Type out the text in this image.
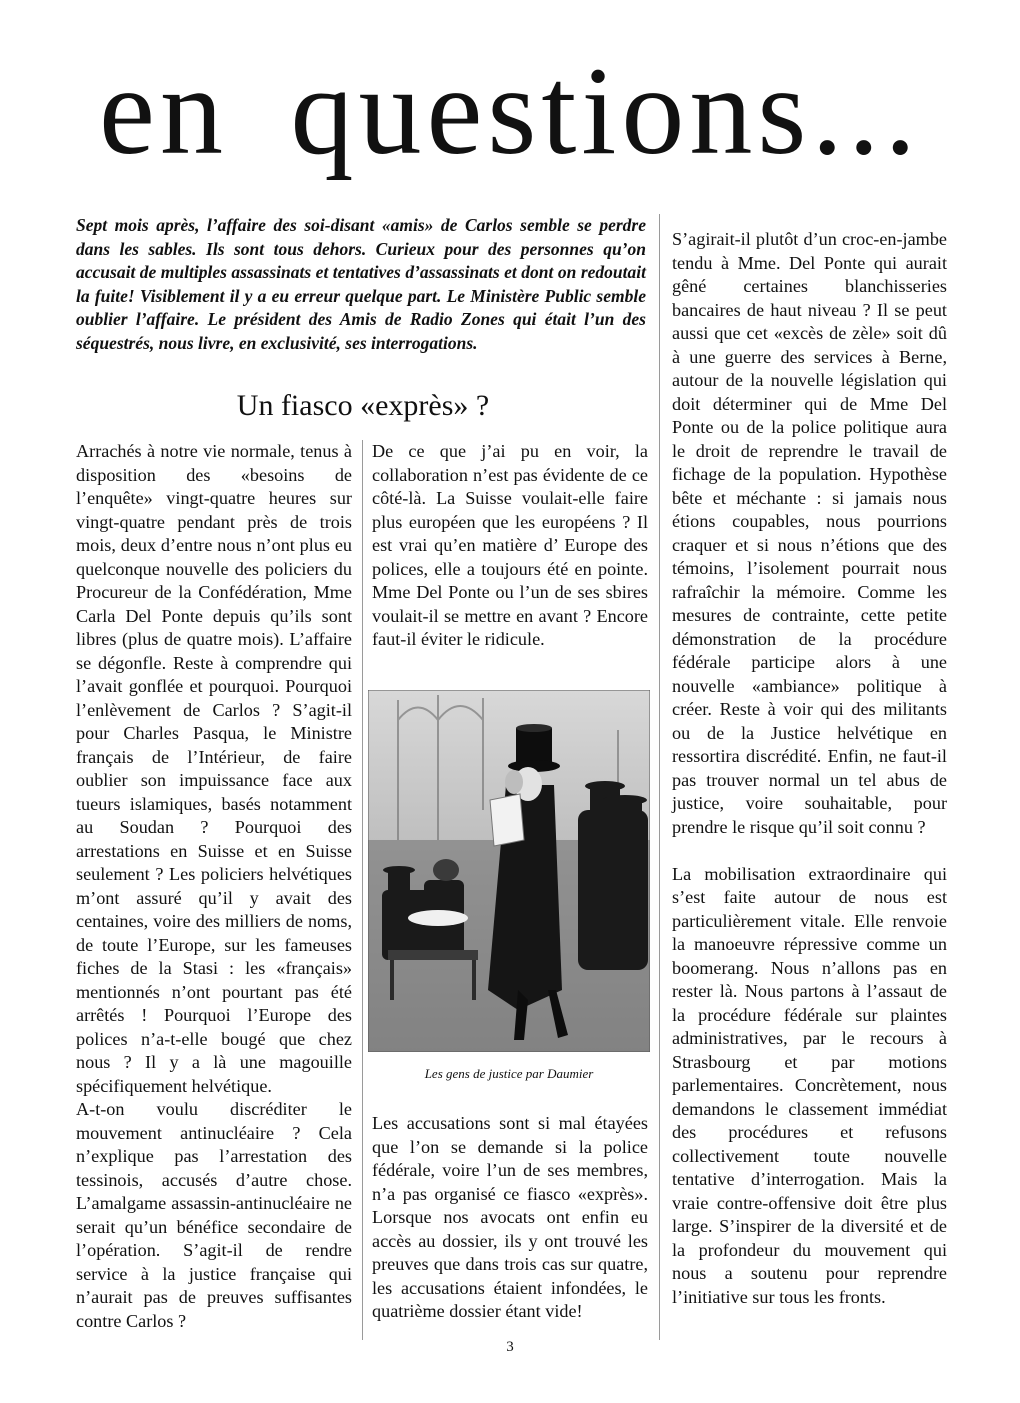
en questions...

Sept mois après, l’affaire des soi-disant «amis» de Carlos semble se perdre dans les sables. Ils sont tous dehors. Curieux pour des personnes qu’on accusait de multiples assassinats et tentatives d’assassinats et dont on redoutait la fuite! Visiblement il y a eu erreur quelque part. Le Ministère Public semble oublier l’affaire. Le président des Amis de Radio Zones qui était l’un des séquestrés, nous livre, en exclusivité, ses interrogations.

Un fiasco «exprès» ?

Arrachés à notre vie normale, tenus à disposition des «besoins de l’enquête» vingt-quatre heures sur vingt-quatre pendant près de trois mois, deux d’entre nous n’ont plus eu quelconque nouvelle des policiers du Procureur de la Confédération, Mme Carla Del Ponte depuis qu’ils sont libres (plus de quatre mois). L’affaire se dégonfle. Reste à comprendre qui l’avait gonflée et pourquoi. Pourquoi l’enlèvement de Carlos ? S’agit-il pour Charles Pasqua, le Ministre français de l’Intérieur, de faire oublier son impuissance face aux tueurs islamiques, basés notamment au Soudan ? Pourquoi des arrestations en Suisse et en Suisse seulement ? Les policiers helvétiques m’ont assuré qu’il y avait des centaines, voire des milliers de noms, de toute l’Europe, sur les fameuses fiches de la Stasi : les «français» mentionnés n’ont pourtant pas été arrêtés ! Pourquoi l’Europe des polices n’a-t-elle bougé que chez nous ? Il y a là une magouille spécifiquement helvétique.

A-t-on voulu discréditer le mouvement antinucléaire ? Cela n’explique pas l’arrestation des tessinois, accusés d’autre chose. L’amalgame assassin-antinucléaire ne serait qu’un bénéfice secondaire de l’opération. S’agit-il de rendre service à la justice française qui n’aurait pas de preuves suffisantes contre Carlos ?

De ce que j’ai pu en voir, la collaboration n’est pas évidente de ce côté-là. La Suisse voulait-elle faire plus européen que les européens ? Il est vrai qu’en matière d’ Europe des polices, elle a toujours été en pointe. Mme Del Ponte ou l’un de ses sbires voulait-il se mettre en avant ? Encore faut-il éviter le ridicule.

Les gens de justice par Daumier

Les accusations sont si mal étayées que l’on se demande si la police fédérale, voire l’un de ses membres, n’a pas organisé ce fiasco «exprès». Lorsque nos avocats ont enfin eu accès au dossier, ils y ont trouvé les preuves que dans trois cas sur quatre, les accusations étaient infondées, le quatrième dossier étant vide!

S’agirait-il plutôt d’un croc-en-jambe tendu à Mme. Del Ponte qui aurait gêné certaines blanchisseries bancaires de haut niveau ? Il se peut aussi que cet «excès de zèle» soit dû à une guerre des services à Berne, autour de la nouvelle législation qui doit déterminer qui de Mme Del Ponte ou de la police politique aura le droit de reprendre le travail de fichage de la population. Hypothèse bête et méchante : si jamais nous étions coupables, nous pourrions craquer et si nous n’étions que des témoins, l’isolement pourrait nous rafraîchir la mémoire. Comme les mesures de contrainte, cette petite démonstration de la procédure fédérale participe alors à une nouvelle «ambiance» politique à créer. Reste à voir qui des militants ou de la Justice helvétique en ressortira discrédité. Enfin, ne faut-il pas trouver normal un tel abus de justice, voire souhaitable, pour prendre le risque qu’il soit connu ?

La mobilisation extraordinaire qui s’est faite autour de nous est particulièrement vitale. Elle renvoie la manoeuvre répressive comme un boomerang. Nous n’allons pas en rester là. Nous partons à l’assaut de la procédure fédérale sur plaintes administratives, par le recours à Strasbourg et par motions parlementaires. Concrètement, nous demandons le classement immédiat des procédures et refusons collectivement toute nouvelle tentative d’interrogation. Mais la vraie contre-offensive doit être plus large. S’inspirer de la diversité et de la profondeur du mouvement qui nous a soutenu pour reprendre l’initiative sur tous les fronts.

3
